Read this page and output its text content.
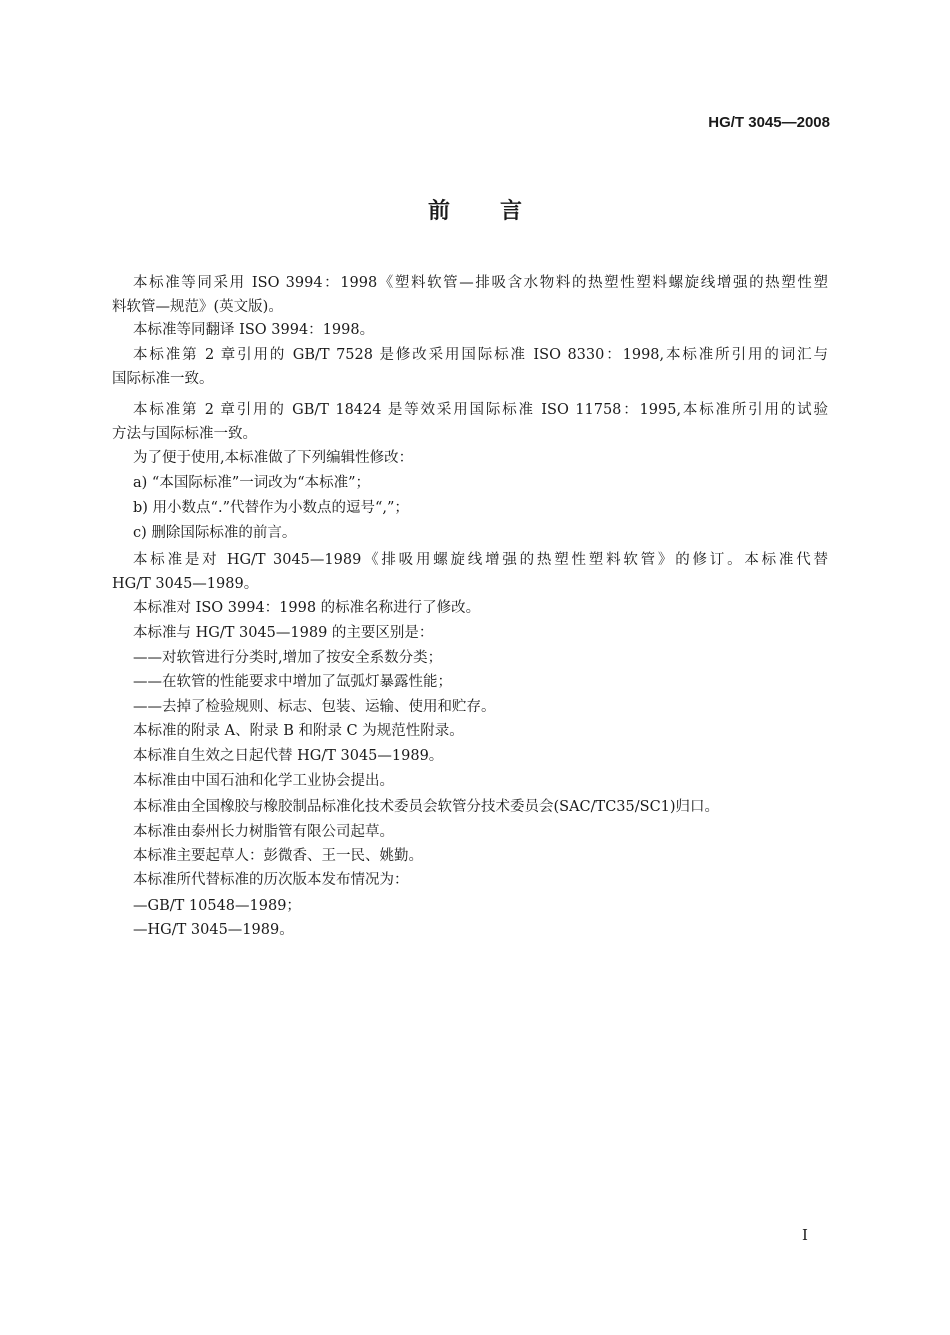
HG/T 3045—2008
前言
本标准等同采用 ISO 3994：1998《塑料软管—排吸含水物料的热塑性塑料螺旋线增强的热塑性塑
料软管—规范》(英文版)。
本标准等同翻译 ISO 3994：1998。
本标准第 2 章引用的 GB/T 7528 是修改采用国际标准 ISO 8330：1998,本标准所引用的词汇与
国际标准一致。
本标准第 2 章引用的 GB/T 18424 是等效采用国际标准 ISO 11758：1995,本标准所引用的试验
方法与国际标准一致。
为了便于使用,本标准做了下列编辑性修改：
a) “本国际标准”一词改为“本标准”；
b) 用小数点“.”代替作为小数点的逗号“,”；
c) 删除国际标准的前言。
本标准是对 HG/T 3045—1989《排吸用螺旋线增强的热塑性塑料软管》的修订。本标准代替
HG/T 3045—1989。
本标准对 ISO 3994：1998 的标准名称进行了修改。
本标准与 HG/T 3045—1989 的主要区别是：
——对软管进行分类时,增加了按安全系数分类；
——在软管的性能要求中增加了氙弧灯暴露性能；
——去掉了检验规则、标志、包装、运输、使用和贮存。
本标准的附录 A、附录 B 和附录 C 为规范性附录。
本标准自生效之日起代替 HG/T 3045—1989。
本标准由中国石油和化学工业协会提出。
本标准由全国橡胶与橡胶制品标准化技术委员会软管分技术委员会(SAC/TC35/SC1)归口。
本标准由泰州长力树脂管有限公司起草。
本标准主要起草人：彭微香、王一民、姚勤。
本标准所代替标准的历次版本发布情况为：
—GB/T 10548—1989；
—HG/T 3045—1989。
I
